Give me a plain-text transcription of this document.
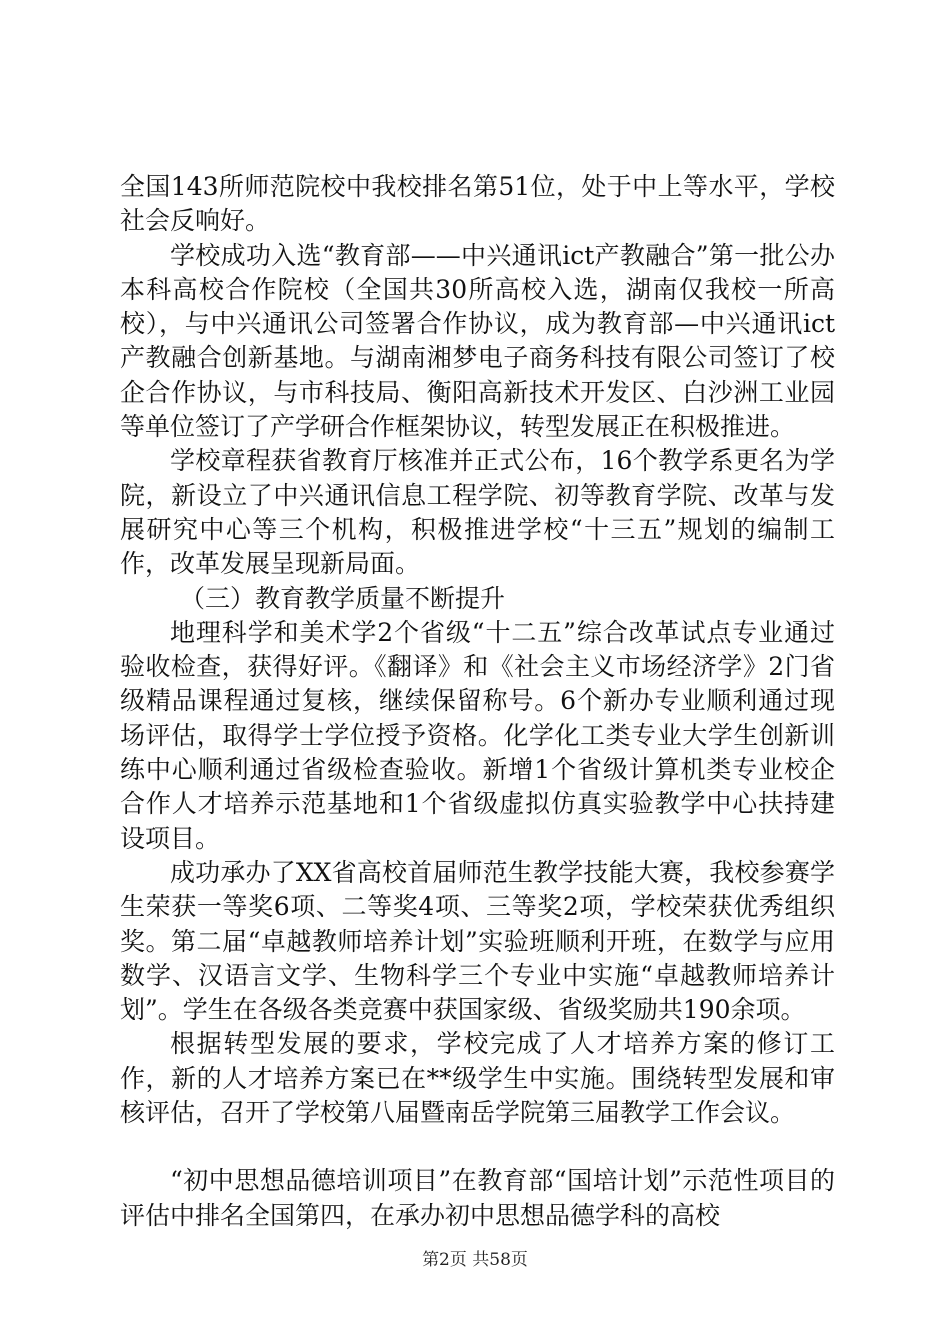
全国143所师范院校中我校排名第51位，处于中上等水平，学校社会反响好。

学校成功入选“教育部——中兴通讯ict产教融合”第一批公办本科高校合作院校（全国共30所高校入选，湖南仅我校一所高校），与中兴通讯公司签署合作协议，成为教育部—中兴通讯ict产教融合创新基地。与湖南湘梦电子商务科技有限公司签订了校企合作协议，与市科技局、衡阳高新技术开发区、白沙洲工业园等单位签订了产学研合作框架协议，转型发展正在积极推进。

学校章程获省教育厅核准并正式公布，16个教学系更名为学院，新设立了中兴通讯信息工程学院、初等教育学院、改革与发展研究中心等三个机构，积极推进学校“十三五”规划的编制工作，改革发展呈现新局面。

（三）教育教学质量不断提升

地理科学和美术学2个省级“十二五”综合改革试点专业通过验收检查，获得好评。《翻译》和《社会主义市场经济学》2门省级精品课程通过复核，继续保留称号。6个新办专业顺利通过现场评估，取得学士学位授予资格。化学化工类专业大学生创新训练中心顺利通过省级检查验收。新增1个省级计算机类专业校企合作人才培养示范基地和1个省级虚拟仿真实验教学中心扶持建设项目。

成功承办了XX省高校首届师范生教学技能大赛，我校参赛学生荣获一等奖6项、二等奖4项、三等奖2项，学校荣获优秀组织奖。第二届“卓越教师培养计划”实验班顺利开班，在数学与应用数学、汉语言文学、生物科学三个专业中实施“卓越教师培养计划”。学生在各级各类竞赛中获国家级、省级奖励共190余项。

根据转型发展的要求，学校完成了人才培养方案的修订工作，新的人才培养方案已在**级学生中实施。围绕转型发展和审核评估，召开了学校第八届暨南岳学院第三届教学工作会议。

“初中思想品德培训项目”在教育部“国培计划”示范性项目的评估中排名全国第四，在承办初中思想品德学科的高校

第2页 共58页
